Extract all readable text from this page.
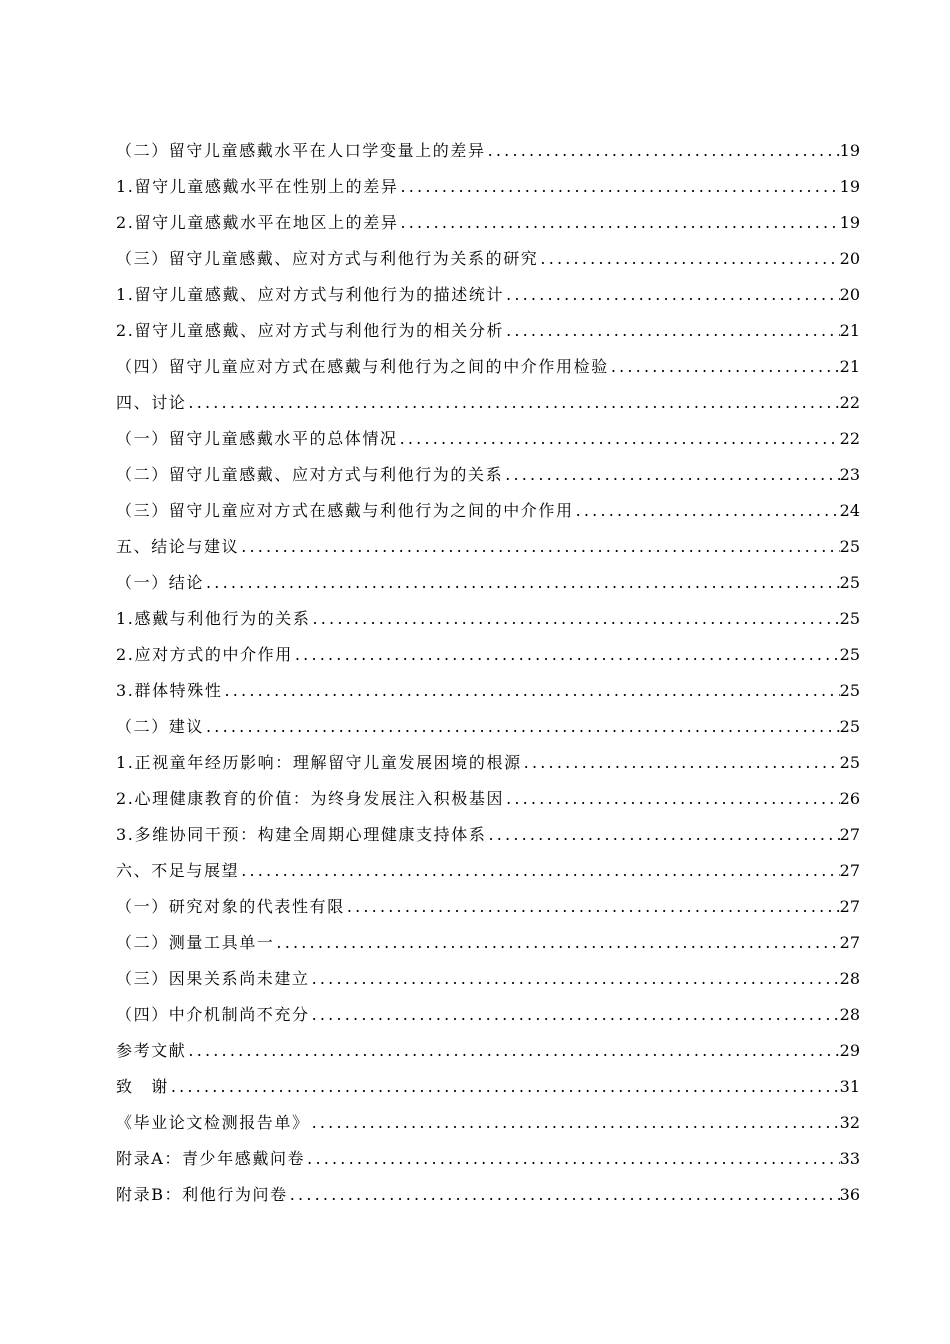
（二）留守儿童感戴水平在人口学变量上的差异 .....	19
1.留守儿童感戴水平在性别上的差异 .....	19
2.留守儿童感戴水平在地区上的差异 .....	19
（三）留守儿童感戴、应对方式与利他行为关系的研究 .....	20
1.留守儿童感戴、应对方式与利他行为的描述统计 .....	20
2.留守儿童感戴、应对方式与利他行为的相关分析 .....	21
（四）留守儿童应对方式在感戴与利他行为之间的中介作用检验 .....	21
四、讨论 .....	22
（一）留守儿童感戴水平的总体情况 .....	22
（二）留守儿童感戴、应对方式与利他行为的关系 .....	23
（三）留守儿童应对方式在感戴与利他行为之间的中介作用 .....	24
五、结论与建议 .....	25
（一）结论 .....	25
1.感戴与利他行为的关系 .....	25
2.应对方式的中介作用 .....	25
3.群体特殊性 .....	25
（二）建议 .....	25
1.正视童年经历影响：理解留守儿童发展困境的根源 .....	25
2.心理健康教育的价值：为终身发展注入积极基因 .....	26
3.多维协同干预：构建全周期心理健康支持体系 .....	27
六、不足与展望 .....	27
（一）研究对象的代表性有限 .....	27
（二）测量工具单一 .....	27
（三）因果关系尚未建立 .....	28
（四）中介机制尚不充分 .....	28
参考文献 .....	29
致　谢 .....	31
《毕业论文检测报告单》 .....	32
附录A：青少年感戴问卷 .....	33
附录B：利他行为问卷 .....	36
